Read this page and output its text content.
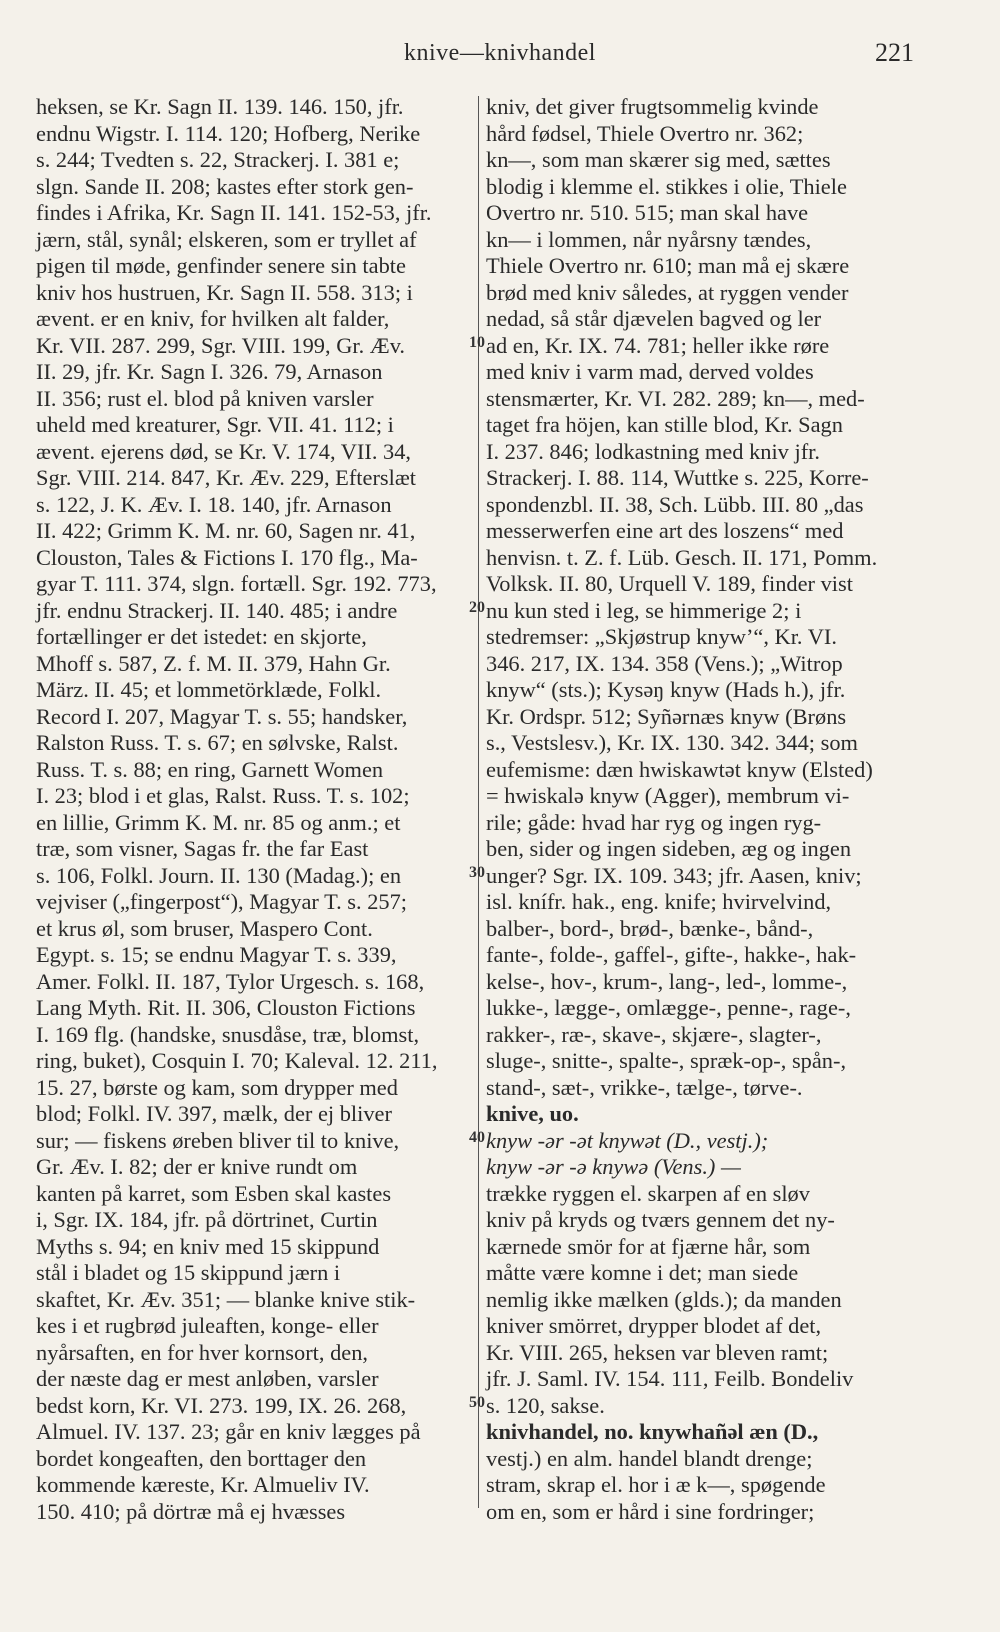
knive—knivhandel	221
heksen, se Kr. Sagn II. 139. 146. 150, jfr.
endnu Wigstr. I. 114. 120; Hofberg, Nerike
s. 244; Tvedten s. 22, Strackerj. I. 381 e;
slgn. Sande II. 208; kastes efter stork gen-
findes i Afrika, Kr. Sagn II. 141. 152-53, jfr.
jærn, stål, synål; elskeren, som er tryllet af
pigen til møde, genfinder senere sin tabte
kniv hos hustruen, Kr. Sagn II. 558. 313; i
ævent. er en kniv, for hvilken alt falder,
Kr. VII. 287. 299, Sgr. VIII. 199, Gr. Æv.
II. 29, jfr. Kr. Sagn I. 326. 79, Arnason
II. 356; rust el. blod på kniven varsler
uheld med kreaturer, Sgr. VII. 41. 112; i
ævent. ejerens død, se Kr. V. 174, VII. 34,
Sgr. VIII. 214. 847, Kr. Æv. 229, Efterslæt
s. 122, J. K. Æv. I. 18. 140, jfr. Arnason
II. 422; Grimm K. M. nr. 60, Sagen nr. 41,
Clouston, Tales & Fictions I. 170 flg., Ma-
gyar T. 111. 374, slgn. fortæll. Sgr. 192. 773,
jfr. endnu Strackerj. II. 140. 485; i andre
fortællinger er det istedet: en skjorte,
Mhoff s. 587, Z. f. M. II. 379, Hahn Gr.
März. II. 45; et lommetörklæde, Folkl.
Record I. 207, Magyar T. s. 55; handsker,
Ralston Russ. T. s. 67; en sølvske, Ralst.
Russ. T. s. 88; en ring, Garnett Women
I. 23; blod i et glas, Ralst. Russ. T. s. 102;
en lillie, Grimm K. M. nr. 85 og anm.; et
træ, som visner, Sagas fr. the far East
s. 106, Folkl. Journ. II. 130 (Madag.); en
vejviser („fingerpost“), Magyar T. s. 257;
et krus øl, som bruser, Maspero Cont.
Egypt. s. 15; se endnu Magyar T. s. 339,
Amer. Folkl. II. 187, Tylor Urgesch. s. 168,
Lang Myth. Rit. II. 306, Clouston Fictions
I. 169 flg. (handske, snusdåse, træ, blomst,
ring, buket), Cosquin I. 70; Kaleval. 12. 211,
15. 27, børste og kam, som drypper med
blod; Folkl. IV. 397, mælk, der ej bliver
sur; — fiskens øreben bliver til to knive,
Gr. Æv. I. 82; der er knive rundt om
kanten på karret, som Esben skal kastes
i, Sgr. IX. 184, jfr. på dörtrinet, Curtin
Myths s. 94; en kniv med 15 skippund
stål i bladet og 15 skippund jærn i
skaftet, Kr. Æv. 351; — blanke knive stik-
kes i et rugbrød juleaften, konge- eller
nyårsaften, en for hver kornsort, den,
der næste dag er mest anløben, varsler
bedst korn, Kr. VI. 273. 199, IX. 26. 268,
Almuel. IV. 137. 23; går en kniv lægges på
bordet kongeaften, den borttager den
kommende kæreste, Kr. Almueliv IV.
150. 410; på dörtræ må ej hvæsses
kniv, det giver frugtsommelig kvinde
hård fødsel, Thiele Overtro nr. 362;
kn—, som man skærer sig med, sættes
blodig i klemme el. stikkes i olie, Thiele
Overtro nr. 510. 515; man skal have
kn— i lommen, når nyårsny tændes,
Thiele Overtro nr. 610; man må ej skære
brød med kniv således, at ryggen vender
nedad, så står djævelen bagved og ler
ad en, Kr. IX. 74. 781; heller ikke røre
med kniv i varm mad, derved voldes
stensmærter, Kr. VI. 282. 289; kn—, med-
taget fra höjen, kan stille blod, Kr. Sagn
I. 237. 846; lodkastning med kniv jfr.
Strackerj. I. 88. 114, Wuttke s. 225, Korre-
spondenzbl. II. 38, Sch. Lübb. III. 80 „das
messerwerfen eine art des loszens“ med
henvisn. t. Z. f. Lüb. Gesch. II. 171, Pomm.
Volksk. II. 80, Urquell V. 189, finder vist
nu kun sted i leg, se himmerige 2; i
stedremser: „Skjøstrup knyw’“, Kr. VI.
346. 217, IX. 134. 358 (Vens.); „Witrop
knyw“ (sts.); Kysəŋ knyw (Hads h.), jfr.
Kr. Ordspr. 512; Syñərnæs knyw (Brøns
s., Vestslesv.), Kr. IX. 130. 342. 344; som
eufemisme: dæn hwiskawtət knyw (Elsted)
= hwiskalə knyw (Agger), membrum vi-
rile; gåde: hvad har ryg og ingen ryg-
ben, sider og ingen sideben, æg og ingen
unger? Sgr. IX. 109. 343; jfr. Aasen, kniv;
isl. knífr. hak., eng. knife; hvirvelvind,
balber-, bord-, brød-, bænke-, bånd-,
fante-, folde-, gaffel-, gifte-, hakke-, hak-
kelse-, hov-, krum-, lang-, led-, lomme-,
lukke-, lægge-, omlægge-, penne-, rage-,
rakker-, ræ-, skave-, skjære-, slagter-,
sluge-, snitte-, spalte-, spræk-op-, spån-,
stand-, sæt-, vrikke-, tælge-, tørve-.
knive, uo.
knyw -ər -ət knywət (D., vestj.);
knyw -ər -ə knywə (Vens.) —
trække ryggen el. skarpen af en sløv
kniv på kryds og tværs gennem det ny-
kærnede smör for at fjærne hår, som
måtte være komne i det; man siede
nemlig ikke mælken (glds.); da manden
kniver smörret, drypper blodet af det,
Kr. VIII. 265, heksen var bleven ramt;
jfr. J. Saml. IV. 154. 111, Feilb. Bondeliv
s. 120, sakse.
knivhandel, no. knywhañəl æn (D.,
vestj.) en alm. handel blandt drenge;
stram, skrap el. hor i æ k—, spøgende
om en, som er hård i sine fordringer;
10
20
30
40
50
